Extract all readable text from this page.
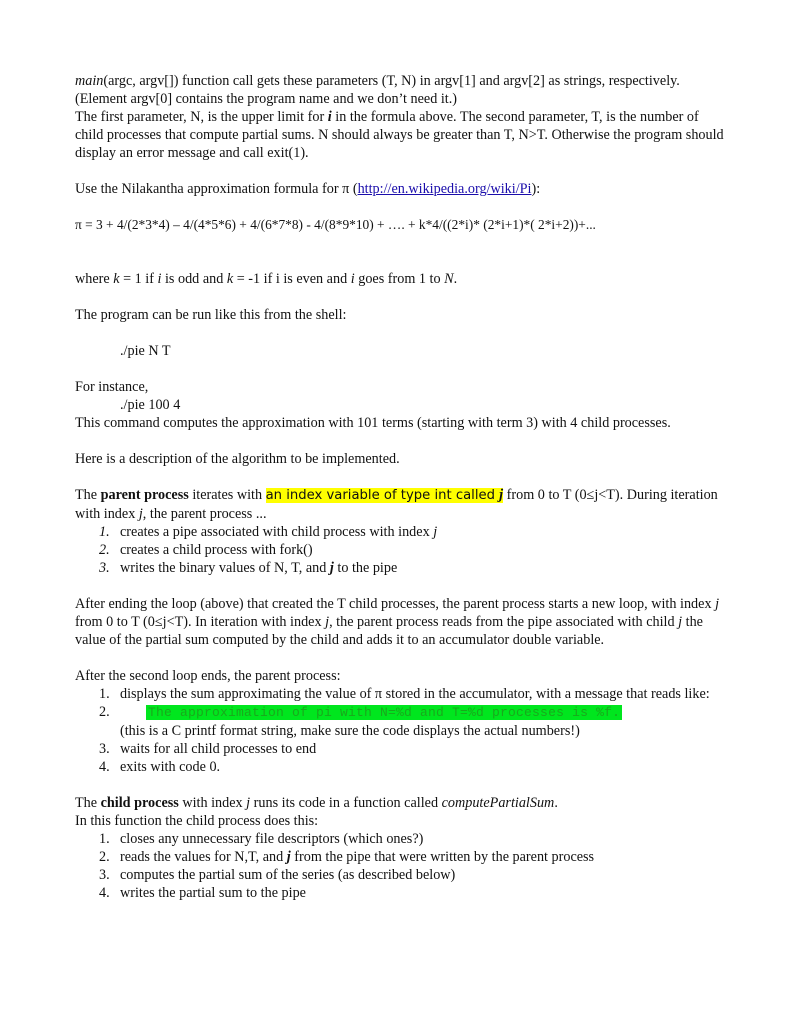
main(argc, argv[]) function call gets these parameters (T, N) in argv[1] and argv[2] as strings, respectively. (Element argv[0] contains the program name and we don’t need it.)

The first parameter, N, is the upper limit for i in the formula above. The second parameter, T, is the number of child processes that compute partial sums. N should always be greater than T, N>T. Otherwise the program should display an error message and call exit(1).

Use the Nilakantha approximation formula for π (http://en.wikipedia.org/wiki/Pi):

π = 3 + 4/(2*3*4) – 4/(4*5*6) + 4/(6*7*8) - 4/(8*9*10) + …. + k*4/((2*i)* (2*i+1)*( 2*i+2))+...

where k = 1 if i is odd and k = -1 if i is even and i goes from 1 to N.

The program can be run like this from the shell:

./pie N T

For instance,

./pie 100 4

This command computes the approximation with 101 terms (starting with term 3) with 4 child processes.

Here is a description of the algorithm to be implemented.

The parent process iterates with an index variable of type int called j from 0 to T (0≤j<T). During iteration with index j, the parent process ...

1. creates a pipe associated with child process with index j
2. creates a child process with fork()
3. writes the binary values of N, T, and j to the pipe

After ending the loop (above) that created the T child processes, the parent process starts a new loop, with index j from 0 to T (0≤j<T). In iteration with index j, the parent process reads from the pipe associated with child j the value of the partial sum computed by the child and adds it to an accumulator double variable.

After the second loop ends, the parent process:

1. displays the sum approximating the value of π stored in the accumulator, with a message that reads like:
2.	The approximation of pi with N=%d and T=%d processes is %f.
(this is a C printf format string, make sure the code displays the actual numbers!)
3. waits for all child processes to end
4. exits with code 0.

The child process with index j runs its code in a function called computePartialSum.

In this function the child process does this:

1. closes any unnecessary file descriptors (which ones?)
2. reads the values for N,T, and j from the pipe that were written by the parent process
3. computes the partial sum of the series (as described below)
4. writes the partial sum to the pipe
